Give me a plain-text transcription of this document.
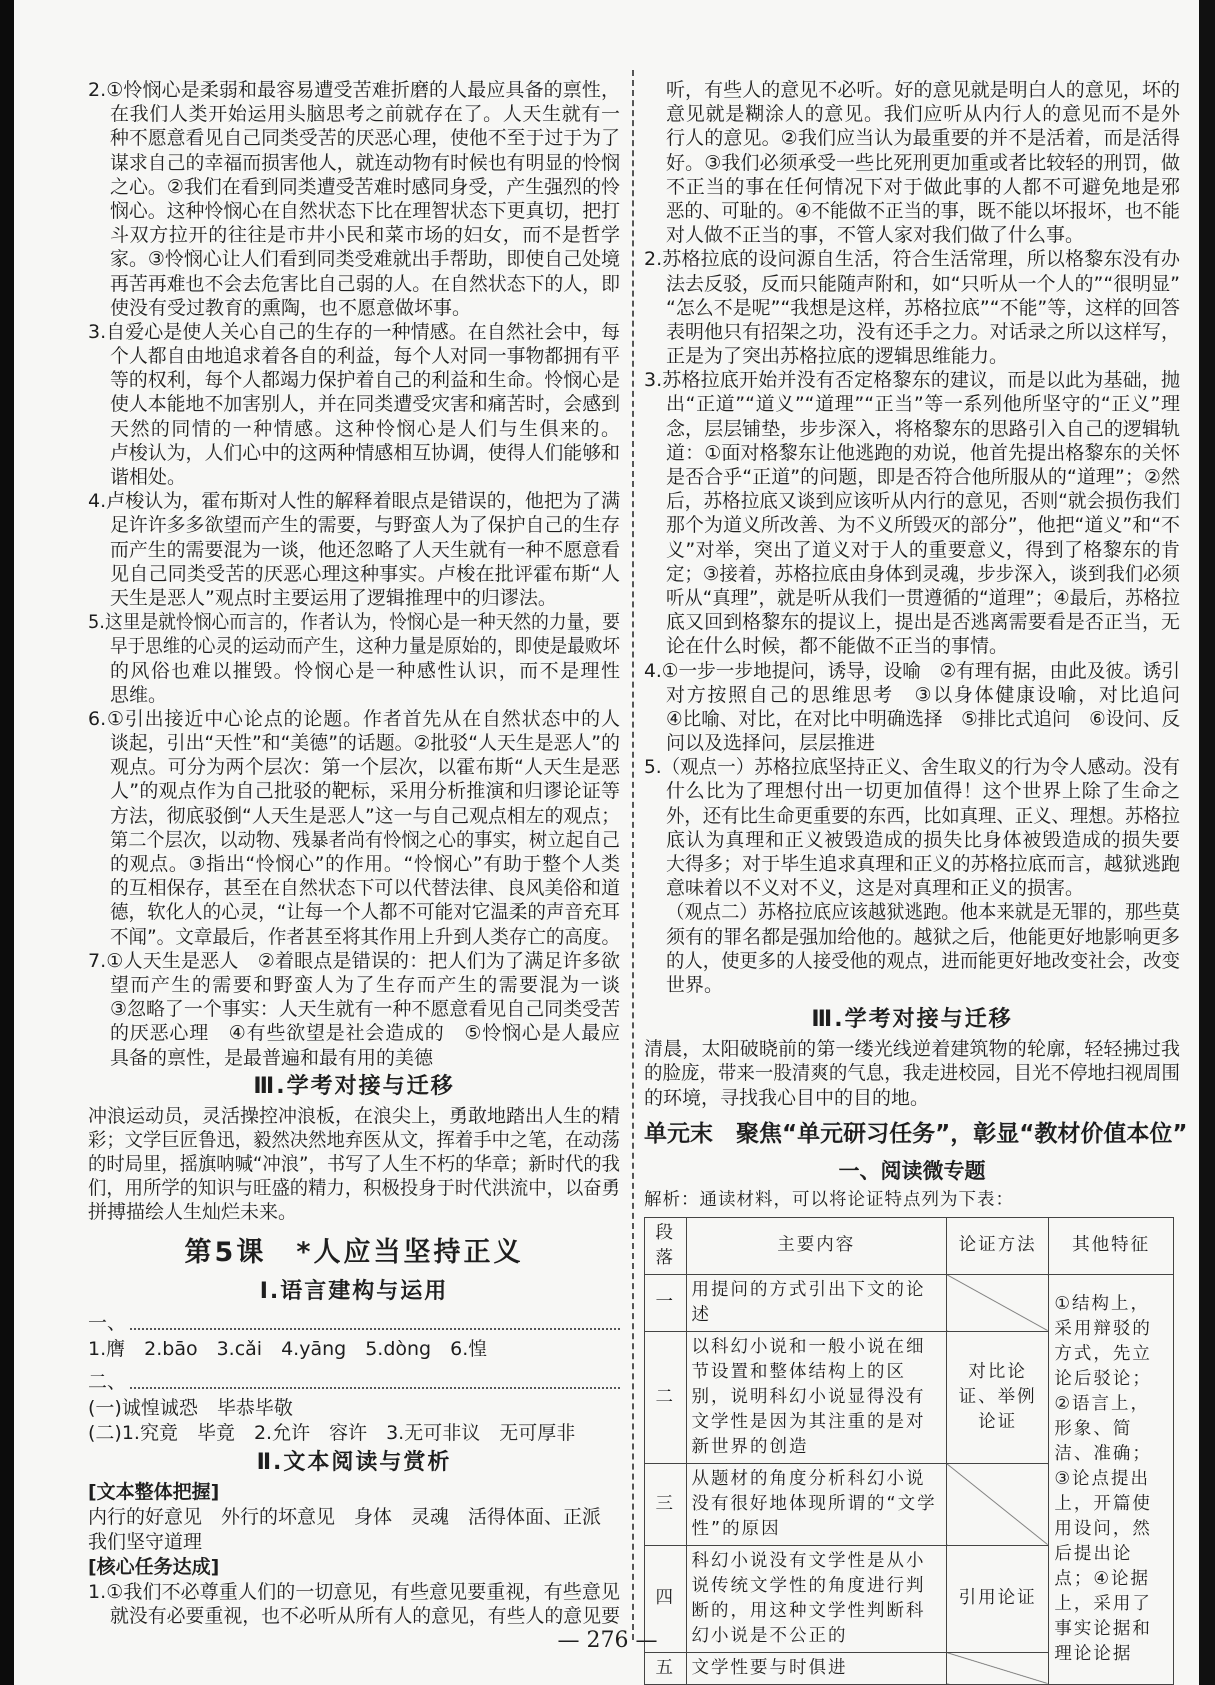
2.①怜悯心是柔弱和最容易遭受苦难折磨的人最应具备的禀性，
在我们人类开始运用头脑思考之前就存在了。人天生就有一
种不愿意看见自己同类受苦的厌恶心理，使他不至于过于为了
谋求自己的幸福而损害他人，就连动物有时候也有明显的怜悯
之心。②我们在看到同类遭受苦难时感同身受，产生强烈的怜
悯心。这种怜悯心在自然状态下比在理智状态下更真切，把打
斗双方拉开的往往是市井小民和菜市场的妇女，而不是哲学
家。③怜悯心让人们看到同类受难就出手帮助，即使自己处境
再苦再难也不会去危害比自己弱的人。在自然状态下的人，即
使没有受过教育的熏陶，也不愿意做坏事。
3.自爱心是使人关心自己的生存的一种情感。在自然社会中，每
个人都自由地追求着各自的利益，每个人对同一事物都拥有平
等的权利，每个人都竭力保护着自己的利益和生命。怜悯心是
使人本能地不加害别人，并在同类遭受灾害和痛苦时，会感到
天然的同情的一种情感。这种怜悯心是人们与生俱来的。
卢梭认为，人们心中的这两种情感相互协调，使得人们能够和
谐相处。
4.卢梭认为，霍布斯对人性的解释着眼点是错误的，他把为了满
足许许多多欲望而产生的需要，与野蛮人为了保护自己的生存
而产生的需要混为一谈，他还忽略了人天生就有一种不愿意看
见自己同类受苦的厌恶心理这种事实。卢梭在批评霍布斯“人
天生是恶人”观点时主要运用了逻辑推理中的归谬法。
5.这里是就怜悯心而言的，作者认为，怜悯心是一种天然的力量，要
早于思维的心灵的运动而产生，这种力量是原始的，即使是最败坏
的风俗也难以摧毁。怜悯心是一种感性认识，而不是理性
思维。
6.①引出接近中心论点的论题。作者首先从在自然状态中的人
谈起，引出“天性”和“美德”的话题。②批驳“人天生是恶人”的
观点。可分为两个层次：第一个层次，以霍布斯“人天生是恶
人”的观点作为自己批驳的靶标，采用分析推演和归谬论证等
方法，彻底驳倒“人天生是恶人”这一与自己观点相左的观点；
第二个层次，以动物、残暴者尚有怜悯之心的事实，树立起自己
的观点。③指出“怜悯心”的作用。“怜悯心”有助于整个人类
的互相保存，甚至在自然状态下可以代替法律、良风美俗和道
德，软化人的心灵，“让每一个人都不可能对它温柔的声音充耳
不闻”。文章最后，作者甚至将其作用上升到人类存亡的高度。
7.①人天生是恶人　②着眼点是错误的：把人们为了满足许多欲
望而产生的需要和野蛮人为了生存而产生的需要混为一谈
③忽略了一个事实：人天生就有一种不愿意看见自己同类受苦
的厌恶心理　④有些欲望是社会造成的　⑤怜悯心是人最应
具备的禀性，是最普遍和最有用的美德
Ⅲ.学考对接与迁移
冲浪运动员，灵活操控冲浪板，在浪尖上，勇敢地踏出人生的精
彩；文学巨匠鲁迅，毅然决然地弃医从文，挥着手中之笔，在动荡
的时局里，摇旗呐喊“冲浪”，书写了人生不朽的华章；新时代的我
们，用所学的知识与旺盛的精力，积极投身于时代洪流中，以奋勇
拼搏描绘人生灿烂未来。
第5课　*人应当坚持正义
Ⅰ.语言建构与运用
一、
1.膺　2.bāo　3.cǎi　4.yāng　5.dòng　6.惶
二、
(一)诚惶诚恐　毕恭毕敬
(二)1.究竟　毕竟　2.允许　容许　3.无可非议　无可厚非
Ⅱ.文本阅读与赏析
[文本整体把握]
内行的好意见　外行的坏意见　身体　灵魂　活得体面、正派
我们坚守道理
[核心任务达成]
1.①我们不必尊重人们的一切意见，有些意见要重视，有些意见
就没有必要重视，也不必听从所有人的意见，有些人的意见要
听，有些人的意见不必听。好的意见就是明白人的意见，坏的
意见就是糊涂人的意见。我们应听从内行人的意见而不是外
行人的意见。②我们应当认为最重要的并不是活着，而是活得
好。③我们必须承受一些比死刑更加重或者比较轻的刑罚，做
不正当的事在任何情况下对于做此事的人都不可避免地是邪
恶的、可耻的。④不能做不正当的事，既不能以坏报坏，也不能
对人做不正当的事，不管人家对我们做了什么事。
2.苏格拉底的设问源自生活，符合生活常理，所以格黎东没有办
法去反驳，反而只能随声附和，如“只听从一个人的”“很明显”
“怎么不是呢”“我想是这样，苏格拉底”“不能”等，这样的回答
表明他只有招架之功，没有还手之力。对话录之所以这样写，
正是为了突出苏格拉底的逻辑思维能力。
3.苏格拉底开始并没有否定格黎东的建议，而是以此为基础，抛
出“正道”“道义”“道理”“正当”等一系列他所坚守的“正义”理
念，层层铺垫，步步深入，将格黎东的思路引入自己的逻辑轨
道：①面对格黎东让他逃跑的劝说，他首先提出格黎东的关怀
是否合乎“正道”的问题，即是否符合他所服从的“道理”；②然
后，苏格拉底又谈到应该听从内行的意见，否则“就会损伤我们
那个为道义所改善、为不义所毁灭的部分”，他把“道义”和“不
义”对举，突出了道义对于人的重要意义，得到了格黎东的肯
定；③接着，苏格拉底由身体到灵魂，步步深入，谈到我们必须
听从“真理”，就是听从我们一贯遵循的“道理”；④最后，苏格拉
底又回到格黎东的提议上，提出是否逃离需要看是否正当，无
论在什么时候，都不能做不正当的事情。
4.①一步一步地提问，诱导，设喻　②有理有据，由此及彼。诱引
对方按照自己的思维思考　③以身体健康设喻，对比追问
④比喻、对比，在对比中明确选择　⑤排比式追问　⑥设问、反
问以及选择问，层层推进
5.（观点一）苏格拉底坚持正义、舍生取义的行为令人感动。没有
什么比为了理想付出一切更加值得！这个世界上除了生命之
外，还有比生命更重要的东西，比如真理、正义、理想。苏格拉
底认为真理和正义被毁造成的损失比身体被毁造成的损失要
大得多；对于毕生追求真理和正义的苏格拉底而言，越狱逃跑
意味着以不义对不义，这是对真理和正义的损害。
（观点二）苏格拉底应该越狱逃跑。他本来就是无罪的，那些莫
须有的罪名都是强加给他的。越狱之后，他能更好地影响更多
的人，使更多的人接受他的观点，进而能更好地改变社会，改变
世界。
Ⅲ.学考对接与迁移
清晨，太阳破晓前的第一缕光线逆着建筑物的轮廓，轻轻拂过我
的脸庞，带来一股清爽的气息，我走进校园，目光不停地扫视周围
的环境，寻找我心目中的目的地。
单元末　聚焦“单元研习任务”，彰显“教材价值本位”
一、阅读微专题
解析：通读材料，可以将论证特点列为下表：
段落	主要内容	论证方法	其他特征
一	用提问的方式引出下文的论述		①结构上，采用辩驳的方式，先立论后驳论；②语言上，形象、简洁、准确；③论点提出上，开篇使用设问，然后提出论点；④论据上，采用了事实论据和理论论据
二	以科幻小说和一般小说在细节设置和整体结构上的区别，说明科幻小说显得没有文学性是因为其注重的是对新世界的创造	对比论证、举例论证	
三	从题材的角度分析科幻小说没有很好地体现所谓的“文学性”的原因		
四	科幻小说没有文学性是从小说传统文学性的角度进行判断的，用这种文学性判断科幻小说是不公正的	引用论证	
五	文学性要与时俱进		
— 276 —
